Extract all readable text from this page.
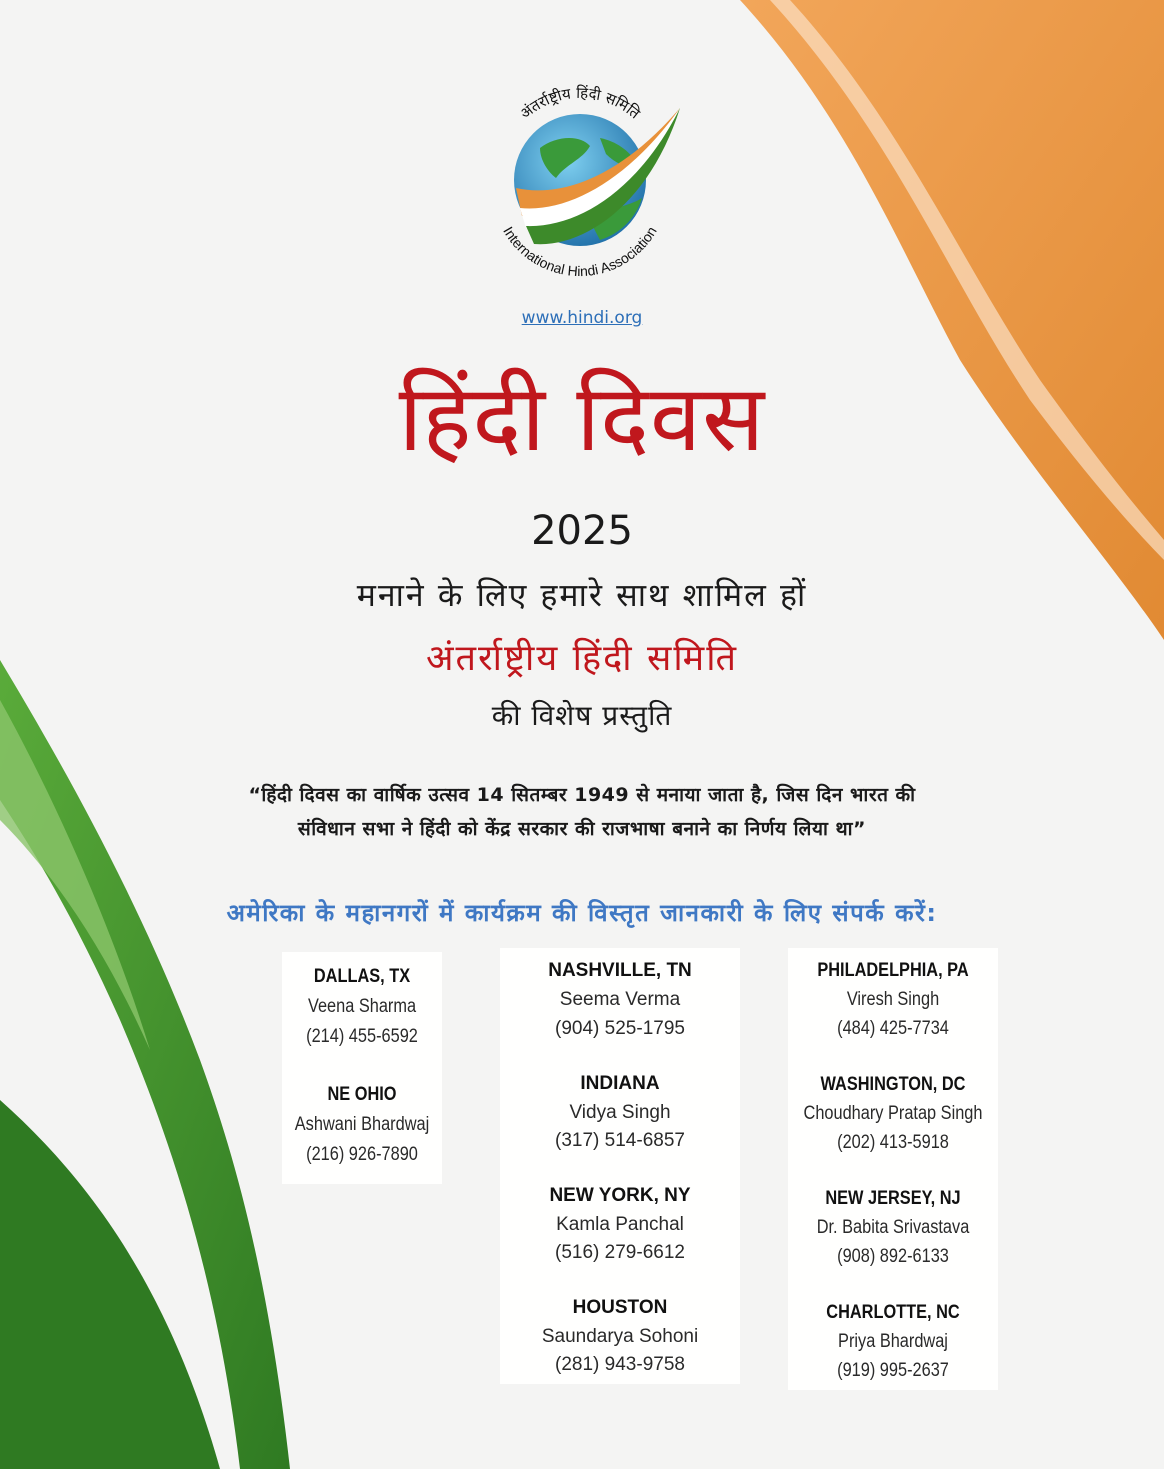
अंतर्राष्ट्रीय हिंदी समिति
International Hindi Association
www.hindi.org
हिंदी दिवस
2025
मनाने के लिए हमारे साथ शामिल हों
अंतर्राष्ट्रीय हिंदी समिति
की विशेष प्रस्तुति
“हिंदी दिवस का वार्षिक उत्सव 14 सितम्बर 1949 से मनाया जाता है, जिस दिन भारत की
संविधान सभा ने हिंदी को केंद्र सरकार की राजभाषा बनाने का निर्णय लिया था”
अमेरिका के महानगरों में कार्यक्रम की विस्तृत जानकारी के लिए संपर्क करें:
DALLAS, TX
Veena Sharma
(214) 455-6592
NE OHIO
Ashwani Bhardwaj
(216) 926-7890
NASHVILLE, TN
Seema Verma
(904) 525-1795
INDIANA
Vidya Singh
(317) 514-6857
NEW YORK, NY
Kamla Panchal
(516) 279-6612
HOUSTON
Saundarya Sohoni
(281) 943-9758
PHILADELPHIA, PA
Viresh Singh
(484) 425-7734
WASHINGTON, DC
Choudhary Pratap Singh
(202) 413-5918
NEW JERSEY, NJ
Dr. Babita Srivastava
(908) 892-6133
CHARLOTTE, NC
Priya Bhardwaj
(919) 995-2637
